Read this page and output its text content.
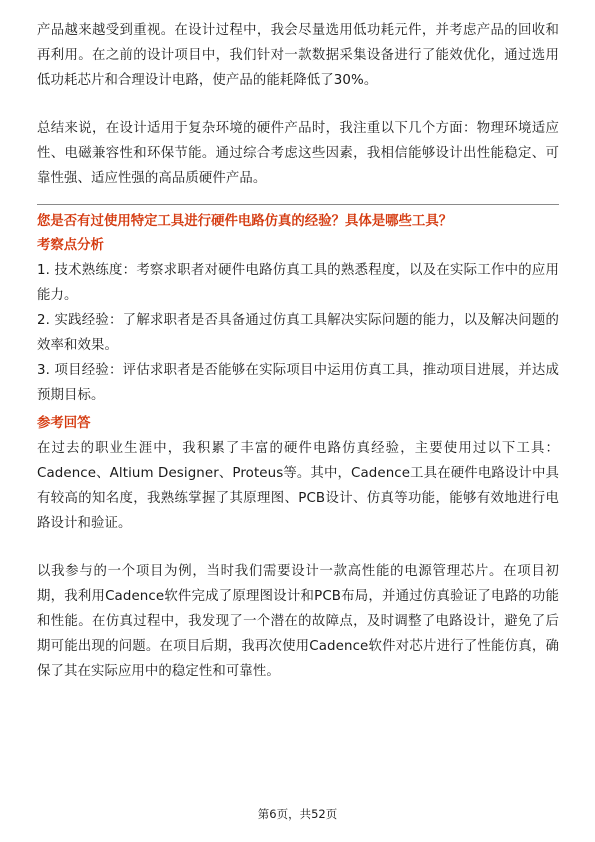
产品越来越受到重视。在设计过程中，我会尽量选用低功耗元件，并考虑产品的回收和再利用。在之前的设计项目中，我们针对一款数据采集设备进行了能效优化，通过选用低功耗芯片和合理设计电路，使产品的能耗降低了30%。

总结来说，在设计适用于复杂环境的硬件产品时，我注重以下几个方面：物理环境适应性、电磁兼容性和环保节能。通过综合考虑这些因素，我相信能够设计出性能稳定、可靠性强、适应性强的高品质硬件产品。

您是否有过使用特定工具进行硬件电路仿真的经验？具体是哪些工具？

考察点分析

1. 技术熟练度：考察求职者对硬件电路仿真工具的熟悉程度，以及在实际工作中的应用能力。

2. 实践经验：了解求职者是否具备通过仿真工具解决实际问题的能力，以及解决问题的效率和效果。

3. 项目经验：评估求职者是否能够在实际项目中运用仿真工具，推动项目进展，并达成预期目标。

参考回答

在过去的职业生涯中，我积累了丰富的硬件电路仿真经验，主要使用过以下工具：Cadence、Altium Designer、Proteus等。其中，Cadence工具在硬件电路设计中具有较高的知名度，我熟练掌握了其原理图、PCB设计、仿真等功能，能够有效地进行电路设计和验证。

以我参与的一个项目为例，当时我们需要设计一款高性能的电源管理芯片。在项目初期，我利用Cadence软件完成了原理图设计和PCB布局，并通过仿真验证了电路的功能和性能。在仿真过程中，我发现了一个潜在的故障点，及时调整了电路设计，避免了后期可能出现的问题。在项目后期，我再次使用Cadence软件对芯片进行了性能仿真，确保了其在实际应用中的稳定性和可靠性。

第6页，共52页
